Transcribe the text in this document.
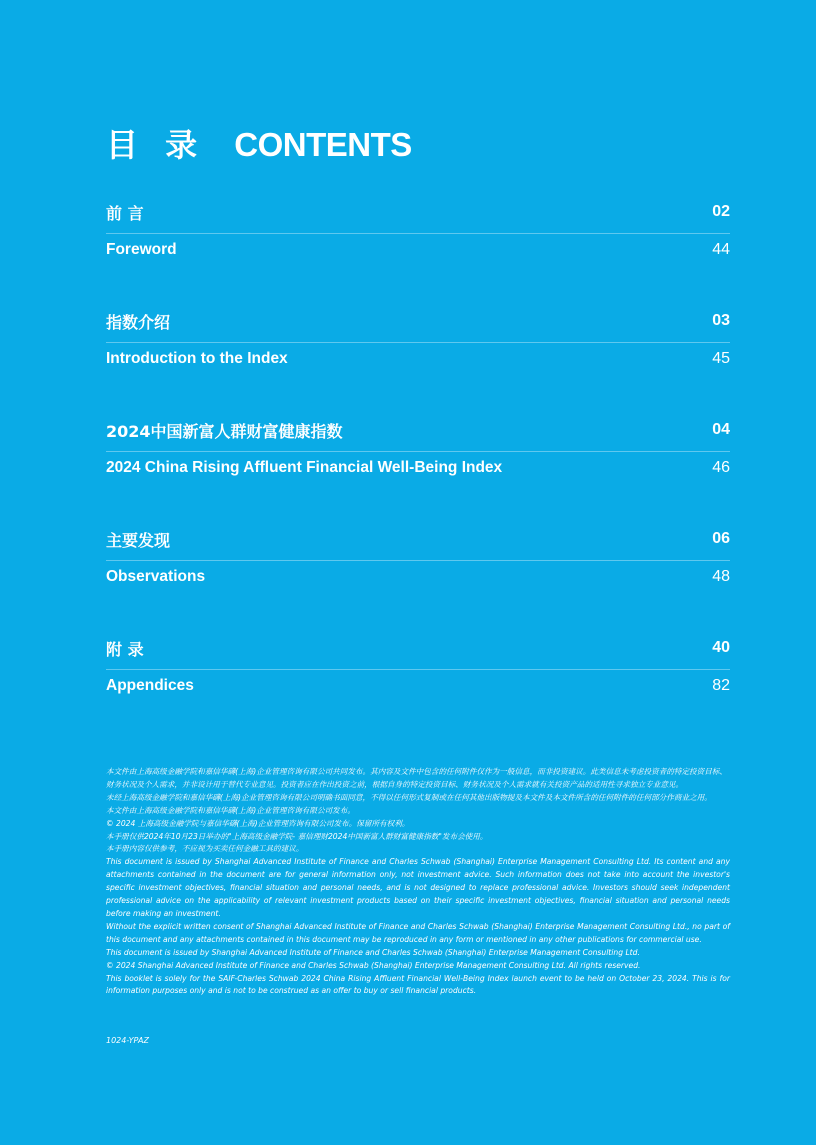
目 录 CONTENTS
前 言	02
Foreword	44
指数介绍	03
Introduction to the Index	45
2024中国新富人群财富健康指数	04
2024 China Rising Affluent Financial Well-Being Index	46
主要发现	06
Observations	48
附 录	40
Appendices	82

本文件由上海高级金融学院和嘉信华礴(上海)企业管理咨询有限公司共同发布。其内容及文件中包含的任何附件仅作为一般信息，而非投资建议。此类信息未考虑投资者的特定投资目标、财务状况及个人需求，并非设计用于替代专业意见。投资者应在作出投资之前，根据自身的特定投资目标、财务状况及个人需求就有关投资产品的适用性寻求独立专业意见。

未经上海高级金融学院和嘉信华礴(上海)企业管理咨询有限公司明确书面同意，不得以任何形式复制或在任何其他出版物提及本文件及本文件所含的任何附件的任何部分作商业之用。

本文件由上海高级金融学院和嘉信华礴(上海)企业管理咨询有限公司发布。

© 2024 上海高级金融学院与嘉信华礴(上海)企业管理咨询有限公司发布。保留所有权利。

本手册仅供2024年10月23日举办的"上海高级金融学院- 嘉信理财2024中国新富人群财富健康指数"发布会使用。

本手册内容仅供参考，不应视为买卖任何金融工具的建议。

This document is issued by Shanghai Advanced Institute of Finance and Charles Schwab (Shanghai) Enterprise Management Consulting Ltd. Its content and any attachments contained in the document are for general information only, not investment advice. Such information does not take into account the investor's specific investment objectives, financial situation and personal needs, and is not designed to replace professional advice. Investors should seek independent professional advice on the applicability of relevant investment products based on their specific investment objectives, financial situation and personal needs before making an investment.

Without the explicit written consent of Shanghai Advanced Institute of Finance and Charles Schwab (Shanghai) Enterprise Management Consulting Ltd., no part of this document and any attachments contained in this document may be reproduced in any form or mentioned in any other publications for commercial use.

This document is issued by Shanghai Advanced Institute of Finance and Charles Schwab (Shanghai) Enterprise Management Consulting Ltd.

© 2024 Shanghai Advanced Institute of Finance and Charles Schwab (Shanghai) Enterprise Management Consulting Ltd. All rights reserved.

This booklet is solely for the SAIF-Charles Schwab 2024 China Rising Affluent Financial Well-Being Index launch event to be held on October 23, 2024. This is for information purposes only and is not to be construed as an offer to buy or sell financial products.

1024-YPAZ
